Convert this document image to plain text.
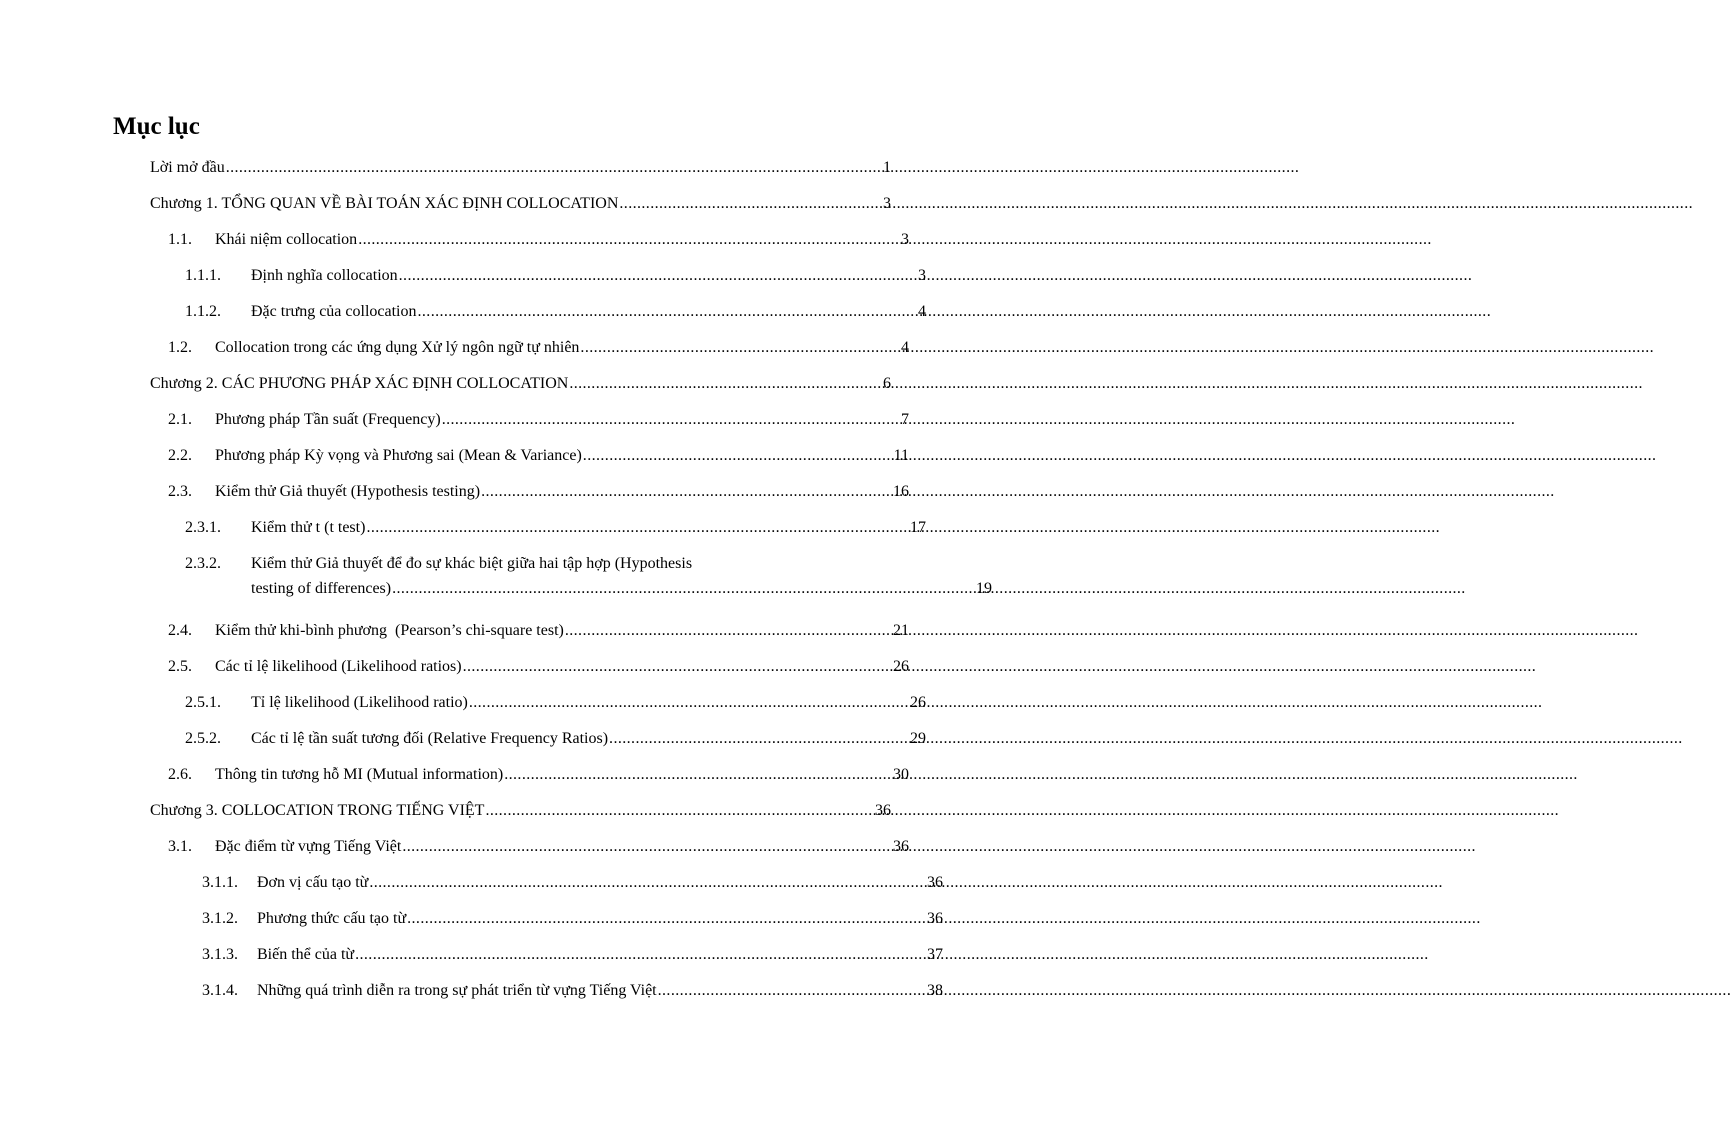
Mục lục
Lời mở đầu .....	1
Chương 1. TỔNG QUAN VỀ BÀI TOÁN XÁC ĐỊNH COLLOCATION .....	3
1.1.	Khái niệm collocation .....	3
1.1.1.	Định nghĩa collocation .....	3
1.1.2.	Đặc trưng của collocation .....	4
1.2.	Collocation trong các ứng dụng Xử lý ngôn ngữ tự nhiên .....	4
Chương 2. CÁC PHƯƠNG PHÁP XÁC ĐỊNH COLLOCATION .....	6
2.1.	Phương pháp Tần suất (Frequency) .....	7
2.2.	Phương pháp Kỳ vọng và Phương sai (Mean & Variance) .....	11
2.3.	Kiểm thử Giả thuyết (Hypothesis testing) .....	16
2.3.1.	Kiểm thử t (t test) .....	17
2.3.2.	Kiểm thử Giả thuyết để đo sự khác biệt giữa hai tập hợp (Hypothesis
testing of differences) .....	19
2.4.	Kiểm thử khi-bình phương  (Pearson’s chi-square test) .....	21
2.5.	Các tỉ lệ likelihood (Likelihood ratios) .....	26
2.5.1.	Tỉ lệ likelihood (Likelihood ratio) .....	26
2.5.2.	Các tỉ lệ tần suất tương đối (Relative Frequency Ratios) .....	29
2.6.	Thông tin tương hỗ MI (Mutual information) .....	30
Chương 3. COLLOCATION TRONG TIẾNG VIỆT .....	36
3.1.	Đặc điểm từ vựng Tiếng Việt .....	36
3.1.1.	Đơn vị cấu tạo từ .....	36
3.1.2.	Phương thức cấu tạo từ .....	36
3.1.3.	Biến thể của từ .....	37
3.1.4.	Những quá trình diễn ra trong sự phát triển từ vựng Tiếng Việt .....	38
